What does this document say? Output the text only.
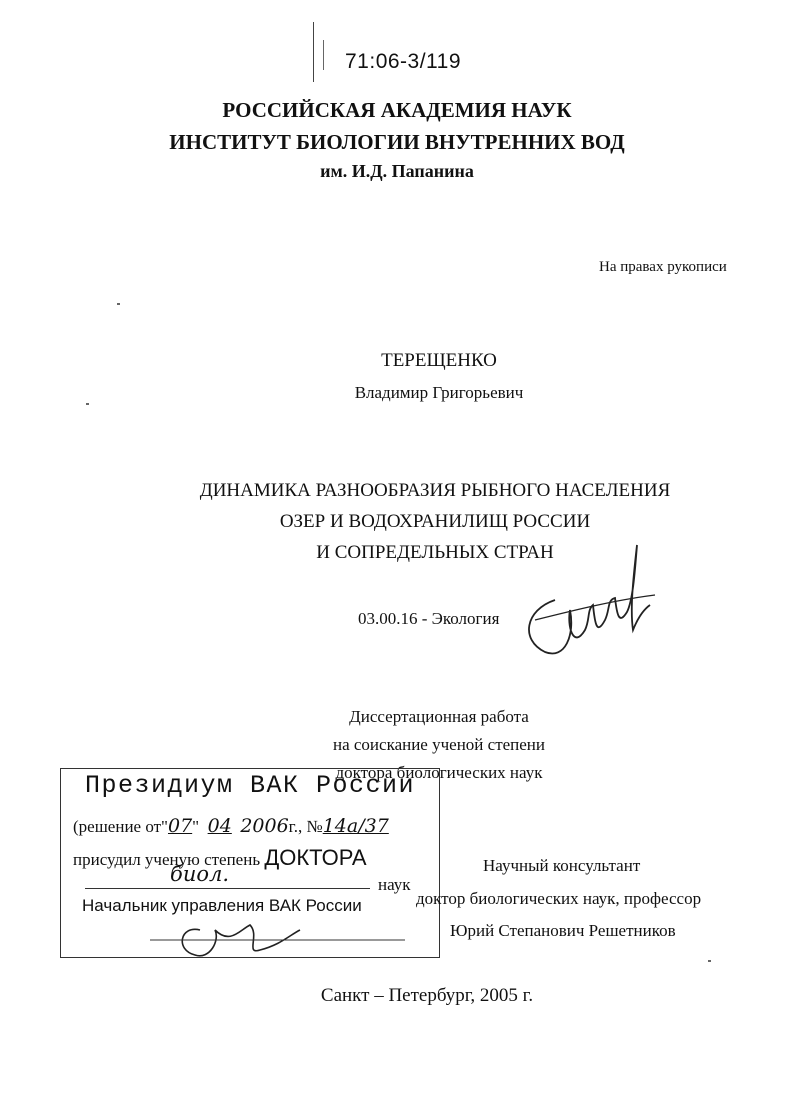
71:06-3/119
РОССИЙСКАЯ АКАДЕМИЯ НАУК
ИНСТИТУТ БИОЛОГИИ ВНУТРЕННИХ ВОД
им. И.Д. Папанина
На правах рукописи
ТЕРЕЩЕНКО
Владимир Григорьевич
ДИНАМИКА РАЗНООБРАЗИЯ РЫБНОГО НАСЕЛЕНИЯ
ОЗЕР И ВОДОХРАНИЛИЩ РОССИИ
И СОПРЕДЕЛЬНЫХ СТРАН
03.00.16 - Экология
Диссертационная работа
на соискание ученой степени
доктора биологических наук
Президиум ВАК России
(решение от"07"  04 2006г., №14а/37
присудил ученую степень ДОКТОРА
биол.	наук
Начальник управления ВАК России
Научный консультант
доктор биологических наук, профессор
Юрий Степанович Решетников
Санкт – Петербург, 2005 г.
